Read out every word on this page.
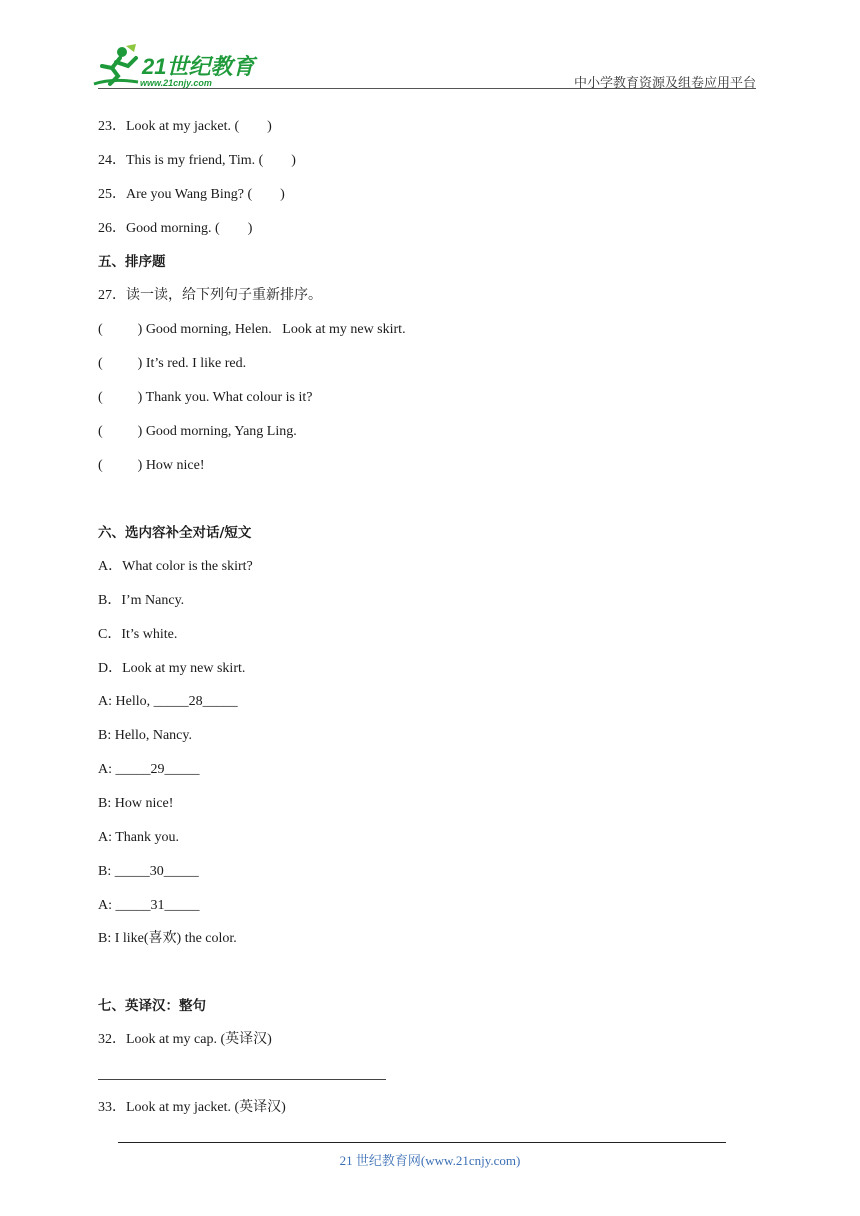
21世纪教育
www.21cnjy.com	中小学教育资源及组卷应用平台
23．Look at my jacket. (        )
24．This is my friend, Tim. (        )
25．Are you Wang Bing? (        )
26．Good morning. (        )
五、排序题
27．读一读，给下列句子重新排序。
(          ) Good morning, Helen.   Look at my new skirt.
(          ) It’s red. I like red.
(          ) Thank you. What colour is it?
(          ) Good morning, Yang Ling.
(          ) How nice!
六、选内容补全对话/短文
A．What color is the skirt?
B．I’m Nancy.
C．It’s white.
D．Look at my new skirt.
A: Hello, _____28_____
B: Hello, Nancy.
A: _____29_____
B: How nice!
A: Thank you.
B: _____30_____
A: _____31_____
B: I like(喜欢) the color.
七、英译汉：整句
32．Look at my cap. (英译汉)
33．Look at my jacket. (英译汉)
21 世纪教育网(www.21cnjy.com)
